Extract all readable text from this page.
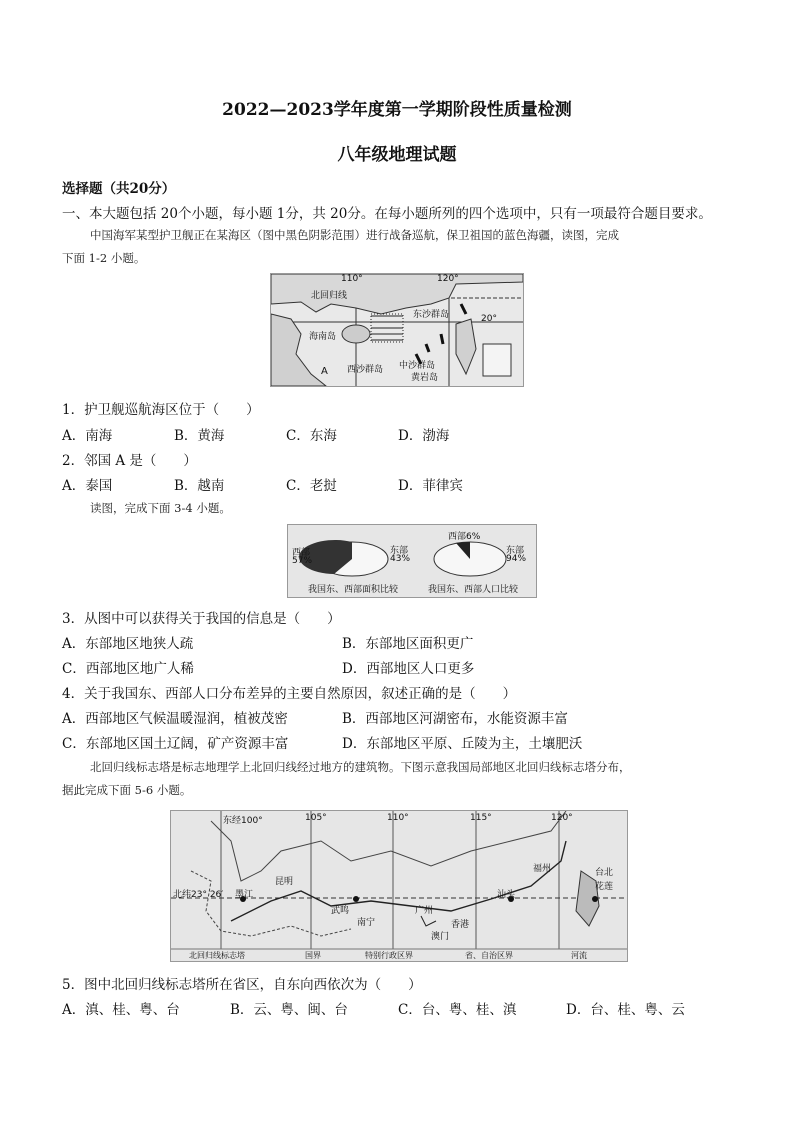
2022—2023学年度第一学期阶段性质量检测
八年级地理试题
选择题（共20分）
一、本大题包括 20个小题，每小题 1分，共 20分。在每小题所列的四个选项中，只有一项最符合题目要求。
中国海军某型护卫舰正在某海区（图中黑色阴影范围）进行战备巡航，保卫祖国的蓝色海疆，读图，完成
下面 1-2 小题。
110°	120°
20°
北回归线
海南岛
东沙群岛
西沙群岛 中沙群岛
黄岩岛
A
1．护卫舰巡航海区位于（　　）
A．南海	B．黄海	C．东海	D．渤海
2．邻国 A 是（　　）
A．泰国	B．越南	C．老挝	D．菲律宾
读图，完成下面 3-4 小题。
西部
57%
东部
43%
我国东、西部面积比较
西部6%
东部
94%
我国东、西部人口比较
3．从图中可以获得关于我国的信息是（　　）
A．东部地区地狭人疏	B．东部地区面积更广
C．西部地区地广人稀	D．西部地区人口更多
4．关于我国东、西部人口分布差异的主要自然原因，叙述正确的是（　　）
A．西部地区气候温暖湿润，植被茂密	B．西部地区河湖密布，水能资源丰富
C．东部地区国土辽阔，矿产资源丰富	D．东部地区平原、丘陵为主，土壤肥沃
北回归线标志塔是标志地理学上北回归线经过地方的建筑物。下图示意我国局部地区北回归线标志塔分布，
据此完成下面 5-6 小题。
东经100°	105°	110°	115°	120°
北纬23° 26′
昆明
墨江
武鸣
南宁
广州
汕头
福州	台北
花莲
澳门
香港
北回归线标志塔	国界	特别行政区界	省、自治区界	河流
5．图中北回归线标志塔所在省区，自东向西依次为（　　）
A．滇、桂、粤、台	B．云、粤、闽、台	C．台、粤、桂、滇	D．台、桂、粤、云
